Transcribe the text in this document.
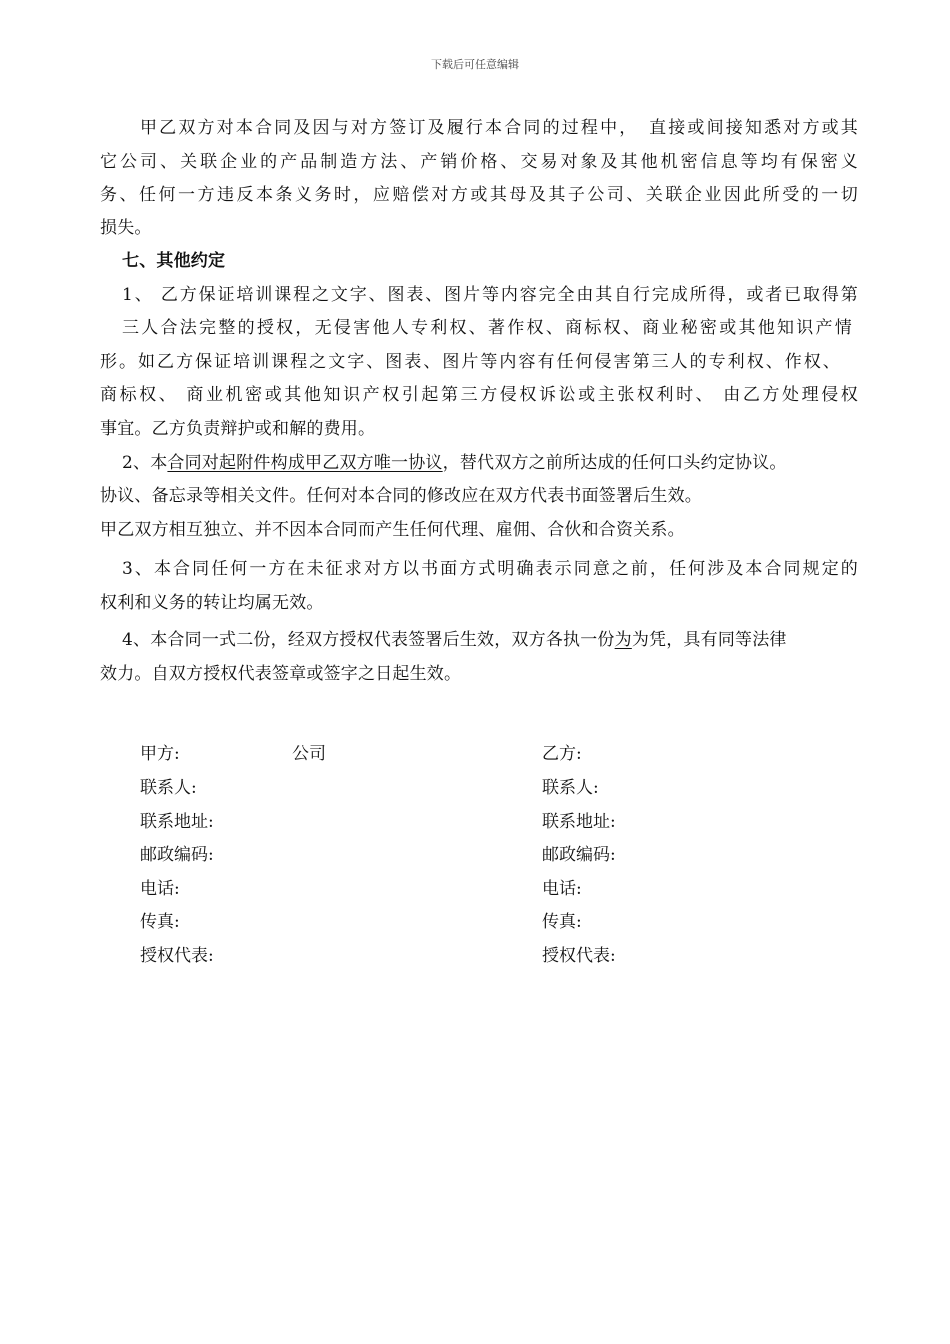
下载后可任意编辑
甲乙双方对本合同及因与对方签订及履行本合同的过程中，　直接或间接知悉对方或其
它公司、关联企业的产品制造方法、产销价格、交易对象及其他机密信息等均有保密义
务、任何一方违反本条义务时，应赔偿对方或其母及其子公司、关联企业因此所受的一切
损失。
七、其他约定
1、 乙方保证培训课程之文字、图表、图片等内容完全由其自行完成所得，或者已取得第
三人合法完整的授权，无侵害他人专利权、著作权、商标权、商业秘密或其他知识产情
形。如乙方保证培训课程之文字、图表、图片等内容有任何侵害第三人的专利权、作权、
商标权、 商业机密或其他知识产权引起第三方侵权诉讼或主张权利时、 由乙方处理侵权
事宜。乙方负责辩护或和解的费用。
2、本合同对起附件构成甲乙双方唯一协议，替代双方之前所达成的任何口头约定协议。
协议、备忘录等相关文件。任何对本合同的修改应在双方代表书面签署后生效。
甲乙双方相互独立、并不因本合同而产生任何代理、雇佣、合伙和合资关系。
3、本合同任何一方在未征求对方以书面方式明确表示同意之前，任何涉及本合同规定的
权利和义务的转让均属无效。
4、本合同一式二份，经双方授权代表签署后生效，双方各执一份为为凭，具有同等法律
效力。自双方授权代表签章或签字之日起生效。
甲方:	公司
联系人:
联系地址:
邮政编码:
电话:
传真:
授权代表:
乙方:
联系人:
联系地址:
邮政编码:
电话:
传真:
授权代表:
